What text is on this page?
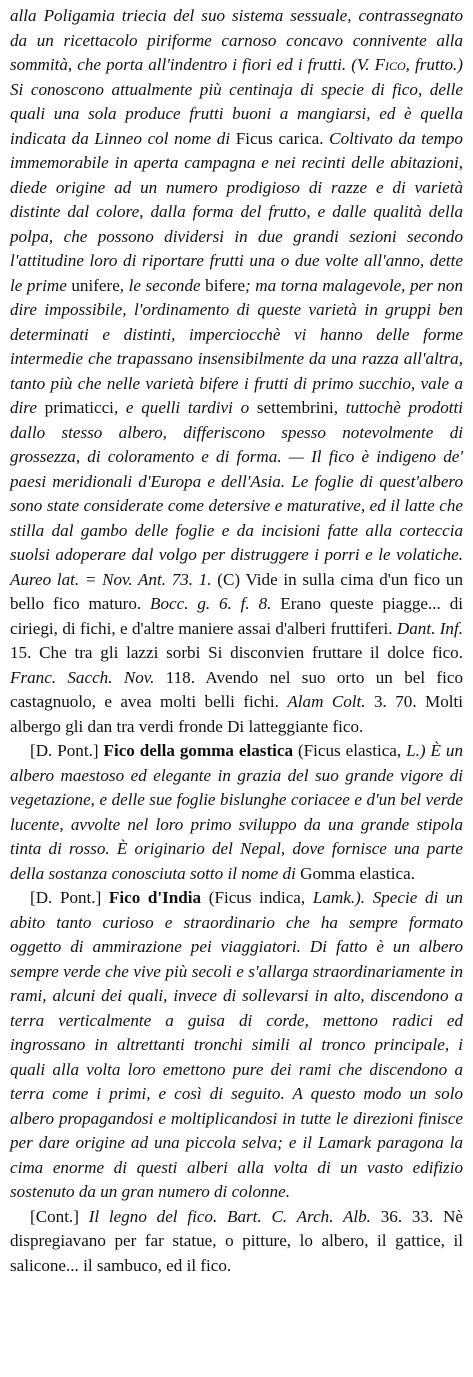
alla Poligamia triecia del suo sistema sessuale, contrassegnato da un ricettacolo piriforme carnoso concavo connivente alla sommità, che porta all'indentro i fiori ed i frutti. (V. Fico, frutto.) Si conoscono attualmente più centinaja di specie di fico, delle quali una sola produce frutti buoni a mangiarsi, ed è quella indicata da Linneo col nome di Ficus carica. Coltivato da tempo immemorabile in aperta campagna e nei recinti delle abitazioni, diede origine ad un numero prodigioso di razze e di varietà distinte dal colore, dalla forma del frutto, e dalle qualità della polpa, che possono dividersi in due grandi sezioni secondo l'attitudine loro di riportare frutti una o due volte all'anno, dette le prime unifere, le seconde bifere; ma torna malagevole, per non dire impossibile, l'ordinamento di queste varietà in gruppi ben determinati e distinti, imperciocchè vi hanno delle forme intermedie che trapassano insensibilmente da una razza all'altra, tanto più che nelle varietà bifere i frutti di primo succhio, vale a dire primaticci, e quelli tardivi o settembrini, tuttochè prodotti dallo stesso albero, differiscono spesso notevolmente di grossezza, di coloramento e di forma. — Il fico è indigeno de' paesi meridionali d'Europa e dell'Asia. Le foglie di quest'albero sono state considerate come detersive e maturative, ed il latte che stilla dal gambo delle foglie e da incisioni fatte alla corteccia suolsi adoperare dal volgo per distruggere i porri e le volatiche. Aureo lat. = Nov. Ant. 73. 1. (C) Vide in sulla cima d'un fico un bello fico maturo. Bocc. g. 6. f. 8. Erano queste piagge... di ciriegi, di fichi, e d'altre maniere assai d'alberi fruttiferi. Dant. Inf. 15. Che tra gli lazzi sorbi Si disconvien fruttare il dolce fico. Franc. Sacch. Nov. 118. Avendo nel suo orto un bel fico castagnuolo, e avea molti belli fichi. Alam Colt. 3. 70. Molti albergo gli dan tra verdi fronde Di latteggiante fico.

[D. Pont.] Fico della gomma elastica (Ficus elastica, L.) È un albero maestoso ed elegante in grazia del suo grande vigore di vegetazione, e delle sue foglie bislunghe coriacee e d'un bel verde lucente, avvolte nel loro primo sviluppo da una grande stipola tinta di rosso. È originario del Nepal, dove fornisce una parte della sostanza conosciuta sotto il nome di Gomma elastica.

[D. Pont.] Fico d'India (Ficus indica, Lamk.). Specie di un abito tanto curioso e straordinario che ha sempre formato oggetto di ammirazione pei viaggiatori. Di fatto è un albero sempre verde che vive più secoli e s'allarga straordinariamente in rami, alcuni dei quali, invece di sollevarsi in alto, discendono a terra verticalmente a guisa di corde, mettono radici ed ingrossano in altrettanti tronchi simili al tronco principale, i quali alla volta loro emettono pure dei rami che discendono a terra come i primi, e così di seguito. A questo modo un solo albero propagandosi e moltiplicandosi in tutte le direzioni finisce per dare origine ad una piccola selva; e il Lamark paragona la cima enorme di questi alberi alla volta di un vasto edifizio sostenuto da un gran numero di colonne.

[Cont.] Il legno del fico. Bart. C. Arch. Alb. 36. 33. Nè dispregiavano per far statue, o pitture, lo albero, il gattice, il salicone... il sambuco, ed il fico.
